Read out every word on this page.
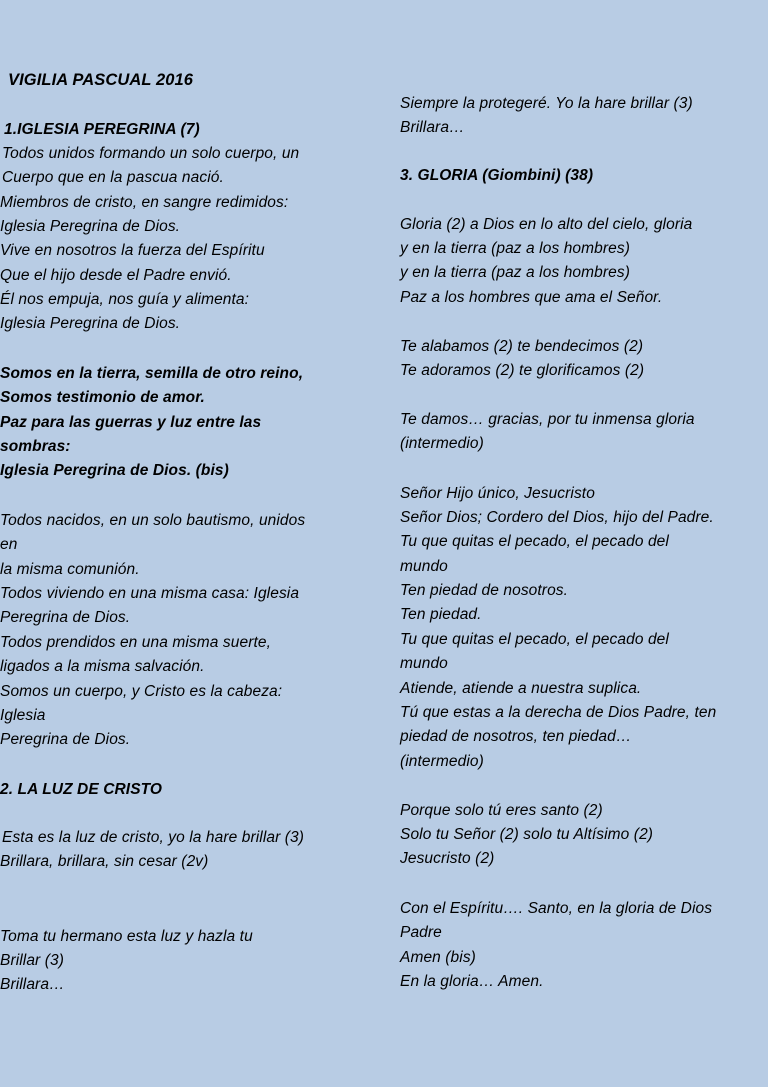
VIGILIA PASCUAL 2016
1.IGLESIA PEREGRINA (7)
Todos unidos formando un solo cuerpo, un
Cuerpo que en la pascua nació.
Miembros de cristo, en sangre redimidos:
Iglesia Peregrina de Dios.
Vive en nosotros la fuerza del Espíritu
Que el hijo desde el Padre envió.
Él nos empuja, nos guía y alimenta:
Iglesia Peregrina de Dios.
Somos en la tierra, semilla de otro reino,
Somos testimonio de amor.
Paz para las guerras y luz entre las
sombras:
Iglesia Peregrina de Dios. (bis)
Todos nacidos, en un solo bautismo, unidos
en
la misma comunión.
Todos viviendo en una misma casa: Iglesia
Peregrina de Dios.
Todos prendidos en una misma suerte,
ligados a la misma salvación.
Somos un cuerpo, y Cristo es la cabeza:
Iglesia
Peregrina de Dios.
2. LA LUZ DE CRISTO
Esta es la luz de cristo, yo la hare brillar (3)
Brillara, brillara, sin cesar (2v)
Toma tu hermano esta luz y hazla tu
Brillar (3)
Brillara…
Siempre la protegeré. Yo la hare brillar (3)
Brillara…
3. GLORIA (Giombini) (38)
Gloria (2) a Dios en lo alto del cielo, gloria
y en la tierra (paz a los hombres)
y en la tierra (paz a los hombres)
Paz a los hombres que ama el Señor.
Te alabamos (2) te bendecimos (2)
Te adoramos (2) te glorificamos (2)
Te damos… gracias, por tu inmensa gloria
(intermedio)
Señor Hijo único, Jesucristo
Señor Dios; Cordero del Dios, hijo del Padre.
Tu que quitas el pecado, el pecado del
mundo
Ten piedad de nosotros.
Ten piedad.
Tu que quitas el pecado, el pecado del
mundo
Atiende, atiende a nuestra suplica.
Tú que estas a la derecha de Dios Padre, ten
piedad de nosotros, ten piedad…
(intermedio)
Porque solo tú eres santo (2)
Solo tu Señor (2) solo tu Altísimo (2)
Jesucristo (2)
Con el Espíritu…. Santo, en la gloria de Dios
Padre
Amen (bis)
En la gloria… Amen.
